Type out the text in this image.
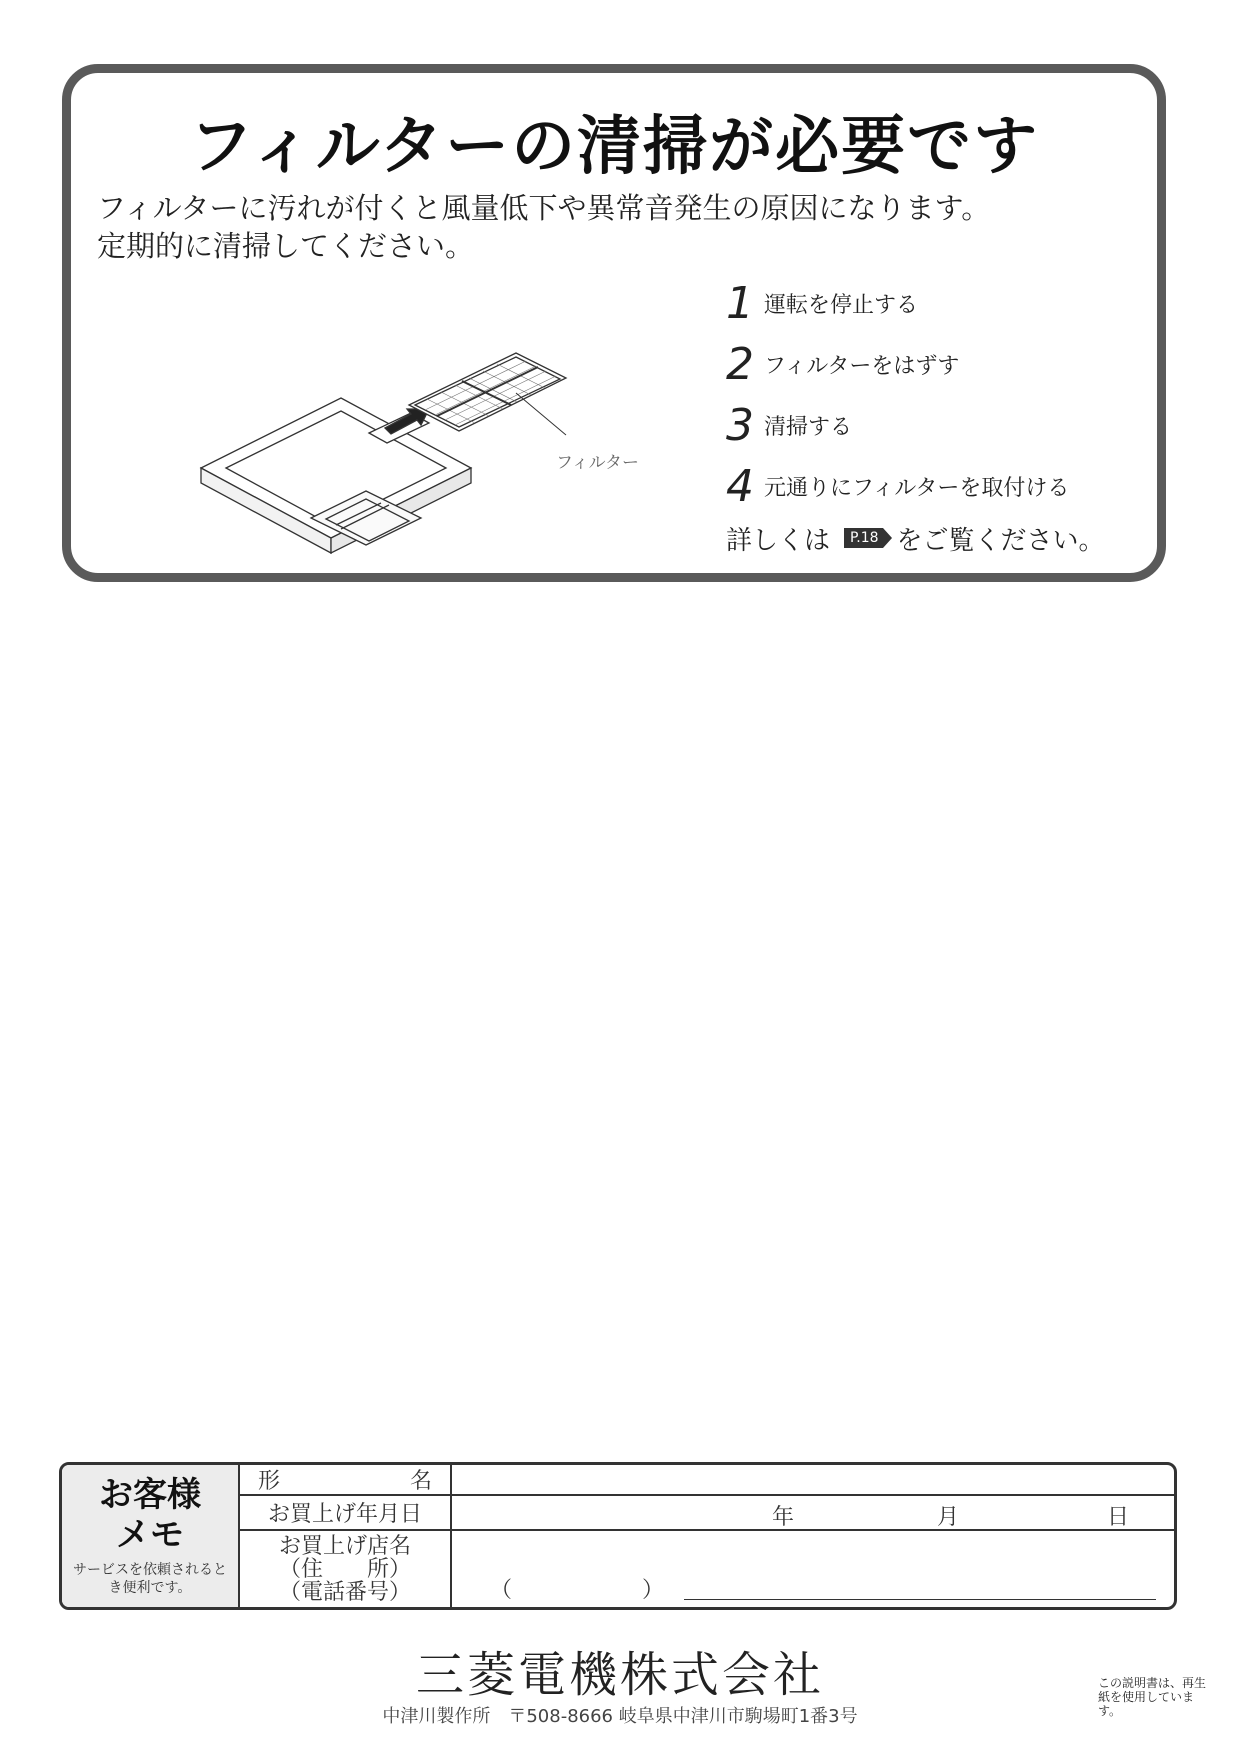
フィルターの清掃が必要です
フィルターに汚れが付くと風量低下や異常音発生の原因になります。
定期的に清掃してください。
フィルター
1 運転を停止する
2 フィルターをはずす
3 清掃する
4 元通りにフィルターを取付ける
詳しくは	P.18 をご覧ください。
お客様
メモ
サービスを依頼されるとき便利です。
形	名
お買上げ年月日	年	月	日
お買上げ店名
（住　　所）
（電話番号）	（	）
三菱電機株式会社
中津川製作所　〒508-8666 岐阜県中津川市駒場町1番3号
この説明書は、再生紙を使用しています。
